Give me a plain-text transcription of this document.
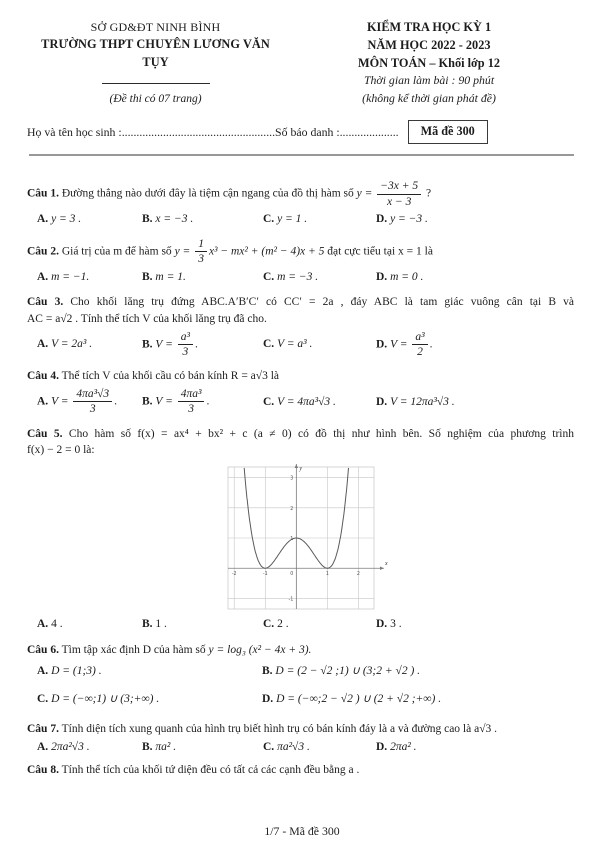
SỞ GD&ĐT NINH BÌNH
TRƯỜNG THPT CHUYÊN LƯƠNG VĂN TỤY
(Đề thi có 07 trang)
KIỂM TRA HỌC KỲ 1
NĂM HỌC 2022 - 2023
MÔN TOÁN – Khối lớp 12
Thời gian làm bài : 90 phút
(không kể thời gian phát đề)
Họ và tên học sinh : .................................................... Số báo danh : ....................	Mã đề 300
Câu 1. Đường thẳng nào dưới đây là tiệm cận ngang của đồ thị hàm số $y = \frac{-3x + 5}{x - 3}$ ?
A. y = 3 .	B. x = −3 .	C. y = 1 .	D. y = −3 .
Câu 2. Giá trị của m để hàm số $y = \frac{1}{3} x^3 - mx^2 + (m^2 - 4)x + 5$ đạt cực tiểu tại x = 1 là
A. m = −1.	B. m = 1.	C. m = −3 .	D. m = 0 .
Câu 3. Cho khối lăng trụ đứng ABC.A′B′C′ có CC′ = 2a , đáy ABC là tam giác vuông cân tại B và
AC = a√2 . Tính thể tích V của khối lăng trụ đã cho.
A. V = 2a³ .	B. $V = \frac{\text{a³}}{3}$ .	C. V = a³ .	D. $V = \frac{\text{a³}}{2}$ .
Câu 4. Thể tích V của khối cầu có bán kính R = a√3 là
A. $V = \frac{\text{4πa³√3}}{3}$ .	B. $V = \frac{\text{4πa³}}{3}$ .	C. V = 4πa³√3 .	D. V = 12πa³√3 .
Câu 5. Cho hàm số f(x) = ax⁴ + bx² + c (a ≠ 0) có đồ thị như hình bên. Số nghiệm của phương trình
f(x) − 2 = 0 là:
-2	-1	1	2
0
-1
1
2
3
x
y
A. 4 .	B. 1 .	C. 2 .	D. 3 .
Câu 6. Tìm tập xác định D của hàm số y = log₃ (x² − 4x + 3).
A. D = (1;3) .	B. D = (2 − √2 ;1) ∪ (3;2 + √2 ) .
C. D = (−∞;1) ∪ (3;+∞) .	D. D = (−∞;2 − √2 ) ∪ (2 + √2 ;+∞) .
Câu 7. Tính diện tích xung quanh của hình trụ biết hình trụ có bán kính đáy là a và đường cao là a√3 .
A. 2πa²√3 .	B. πa² .	C. πa²√3 .	D. 2πa² .
Câu 8. Tính thể tích của khối tứ diện đều có tất cả các cạnh đều bằng a .
1/7 - Mã đề 300
